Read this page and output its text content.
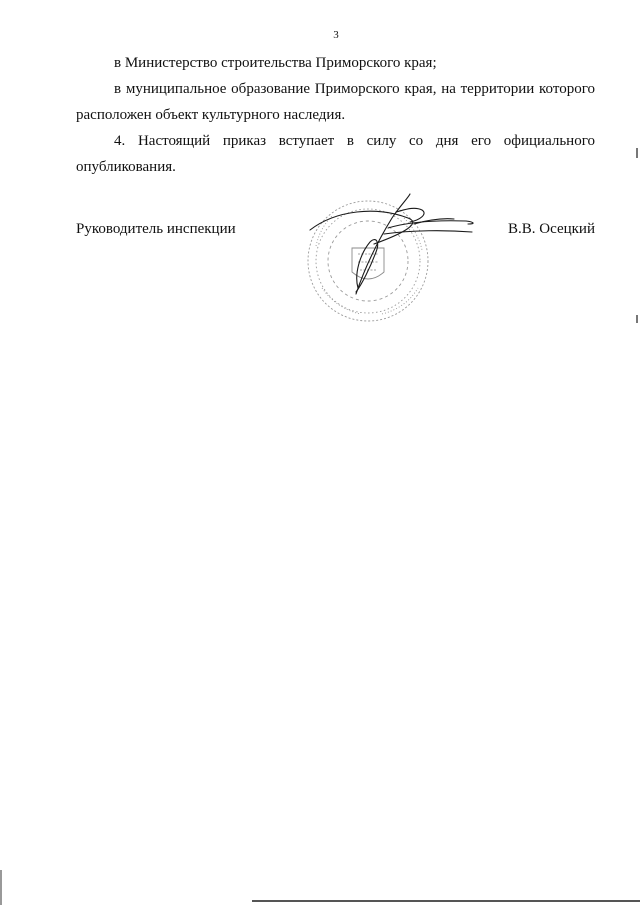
3

в Министерство строительства Приморского края;

в муниципальное образование Приморского края, на территории которого расположен объект культурного наследия.

4. Настоящий приказ вступает в силу со дня его официального опубликования.

Руководитель инспекции	В.В. Осецкий
